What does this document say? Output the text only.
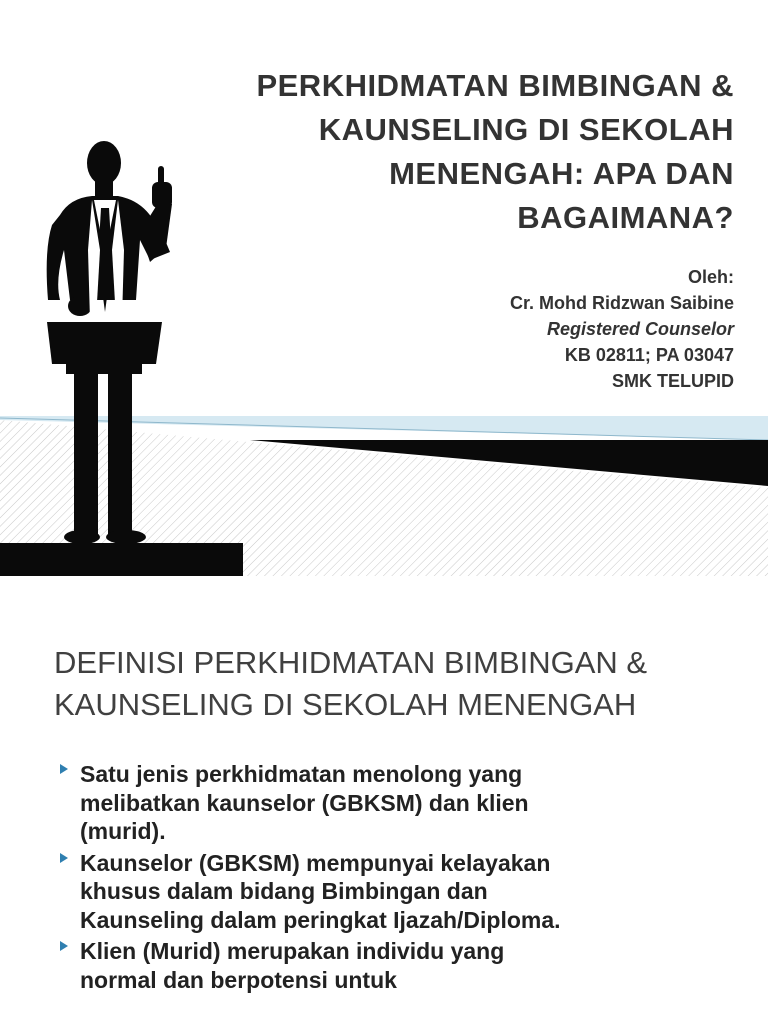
PERKHIDMATAN BIMBINGAN & KAUNSELING DI SEKOLAH MENENGAH: APA DAN BAGAIMANA?
Oleh:
Cr. Mohd Ridzwan Saibine
Registered Counselor
KB 02811; PA 03047
SMK TELUPID
DEFINISI PERKHIDMATAN BIMBINGAN & KAUNSELING DI SEKOLAH MENENGAH
Satu jenis perkhidmatan menolong yang melibatkan kaunselor (GBKSM) dan klien (murid).
Kaunselor (GBKSM) mempunyai kelayakan khusus dalam bidang Bimbingan dan Kaunseling dalam peringkat Ijazah/Diploma.
Klien (Murid) merupakan individu yang normal dan berpotensi untuk
